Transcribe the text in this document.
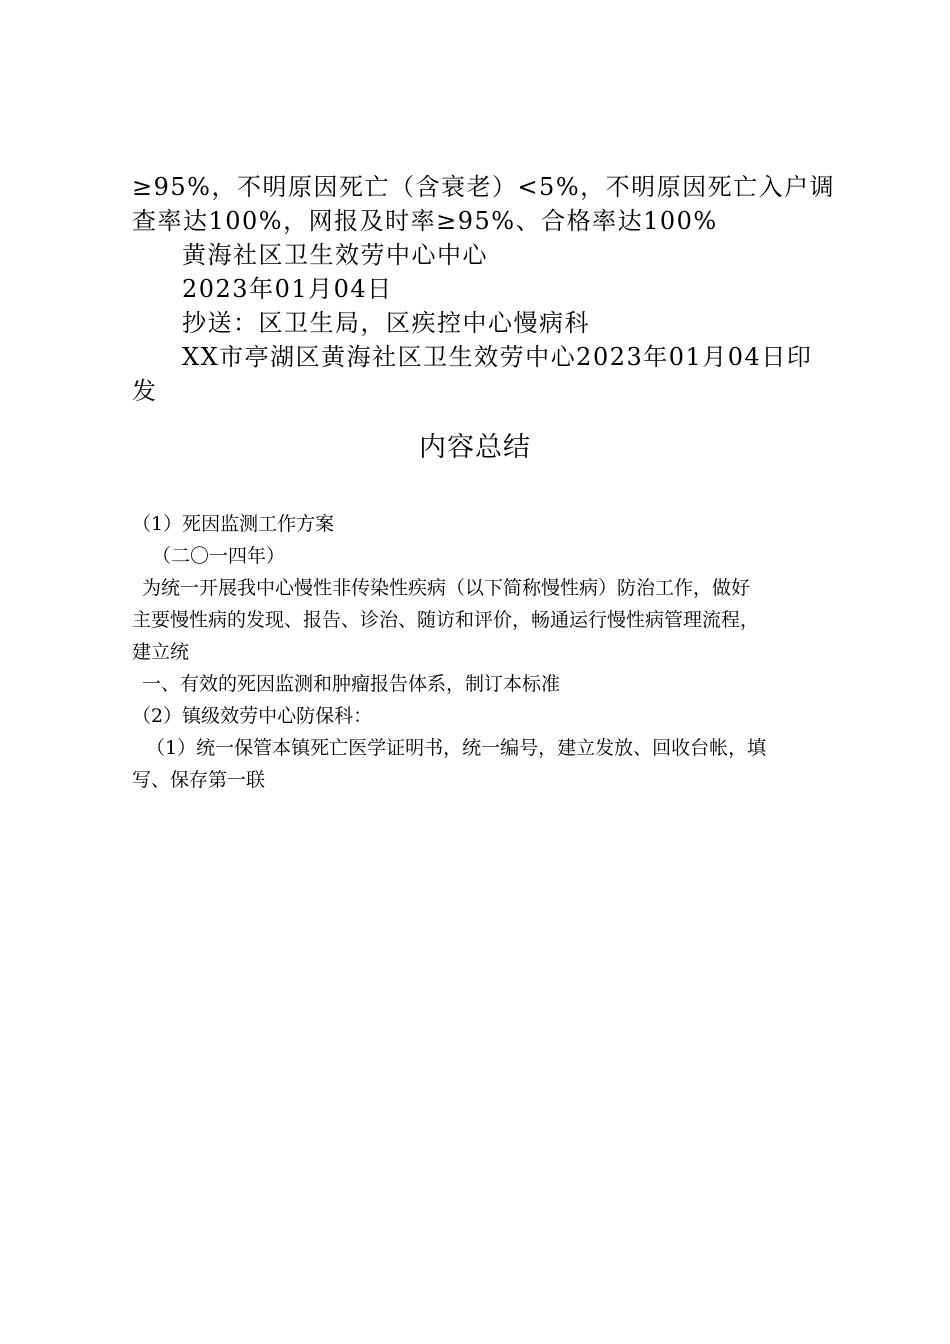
≥95%，不明原因死亡（含衰老）<5%，不明原因死亡入户调
查率达100%，网报及时率≥95%、合格率达100%
黄海社区卫生效劳中心中心
2023年01月04日
抄送：区卫生局，区疾控中心慢病科
XX市亭湖区黄海社区卫生效劳中心2023年01月04日印
发
内容总结
（1）死因监测工作方案
（二〇一四年）
为统一开展我中心慢性非传染性疾病（以下简称慢性病）防治工作，做好
主要慢性病的发现、报告、诊治、随访和评价，畅通运行慢性病管理流程，
建立统
一、有效的死因监测和肿瘤报告体系，制订本标准
（2）镇级效劳中心防保科：
（1）统一保管本镇死亡医学证明书，统一编号，建立发放、回收台帐，填
写、保存第一联
